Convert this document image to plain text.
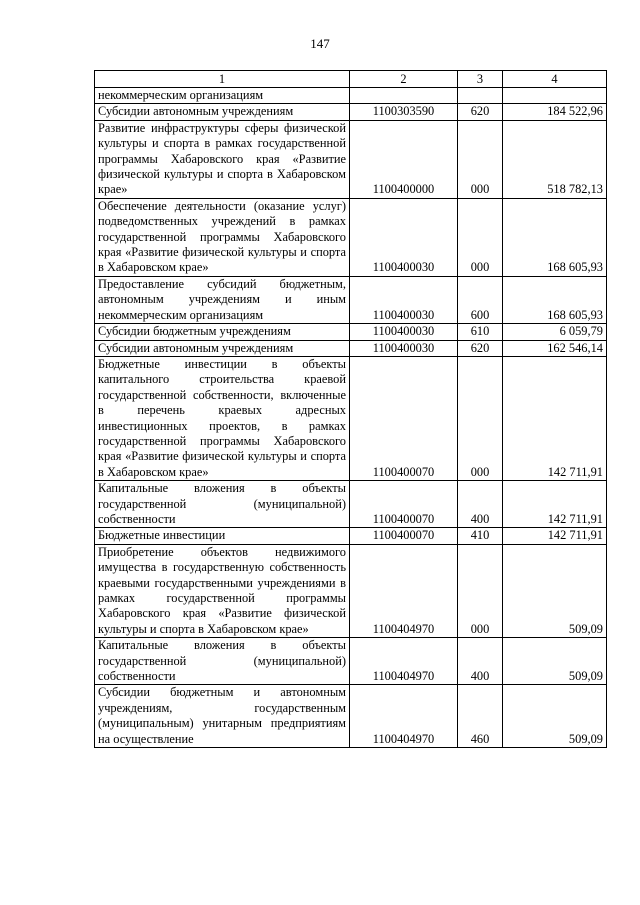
147
1	2	3	4
некоммерческим организациям			
Субсидии автономным учреждениям	1100303590	620	184 522,96
Развитие инфраструктуры сферы физической культуры и спорта в рамках государственной программы Хабаровского края «Развитие физической культуры и спорта в Хабаровском крае»	1100400000	000	518 782,13
Обеспечение деятельности (оказание услуг) подведомственных учреждений в рамках государственной программы Хабаровского края «Развитие физической культуры и спорта в Хабаровском крае»	1100400030	000	168 605,93
Предоставление субсидий бюджетным, автономным учреждениям и иным некоммерческим организациям	1100400030	600	168 605,93
Субсидии бюджетным учреждениям	1100400030	610	6 059,79
Субсидии автономным учреждениям	1100400030	620	162 546,14
Бюджетные инвестиции в объекты капитального строительства краевой государственной собственности, включенные в перечень краевых адресных инвестиционных проектов, в рамках государственной программы Хабаровского края «Развитие физической культуры и спорта в Хабаровском крае»	1100400070	000	142 711,91
Капитальные вложения в объекты государственной (муниципальной) собственности	1100400070	400	142 711,91
Бюджетные инвестиции	1100400070	410	142 711,91
Приобретение объектов недвижимого имущества в государственную собственность краевыми государственными учреждениями в рамках государственной программы Хабаровского края «Развитие физической культуры и спорта в Хабаровском крае»	1100404970	000	509,09
Капитальные вложения в объекты государственной (муниципальной) собственности	1100404970	400	509,09
Субсидии бюджетным и автономным учреждениям, государственным (муниципальным) унитарным предприятиям на осуществление	1100404970	460	509,09
